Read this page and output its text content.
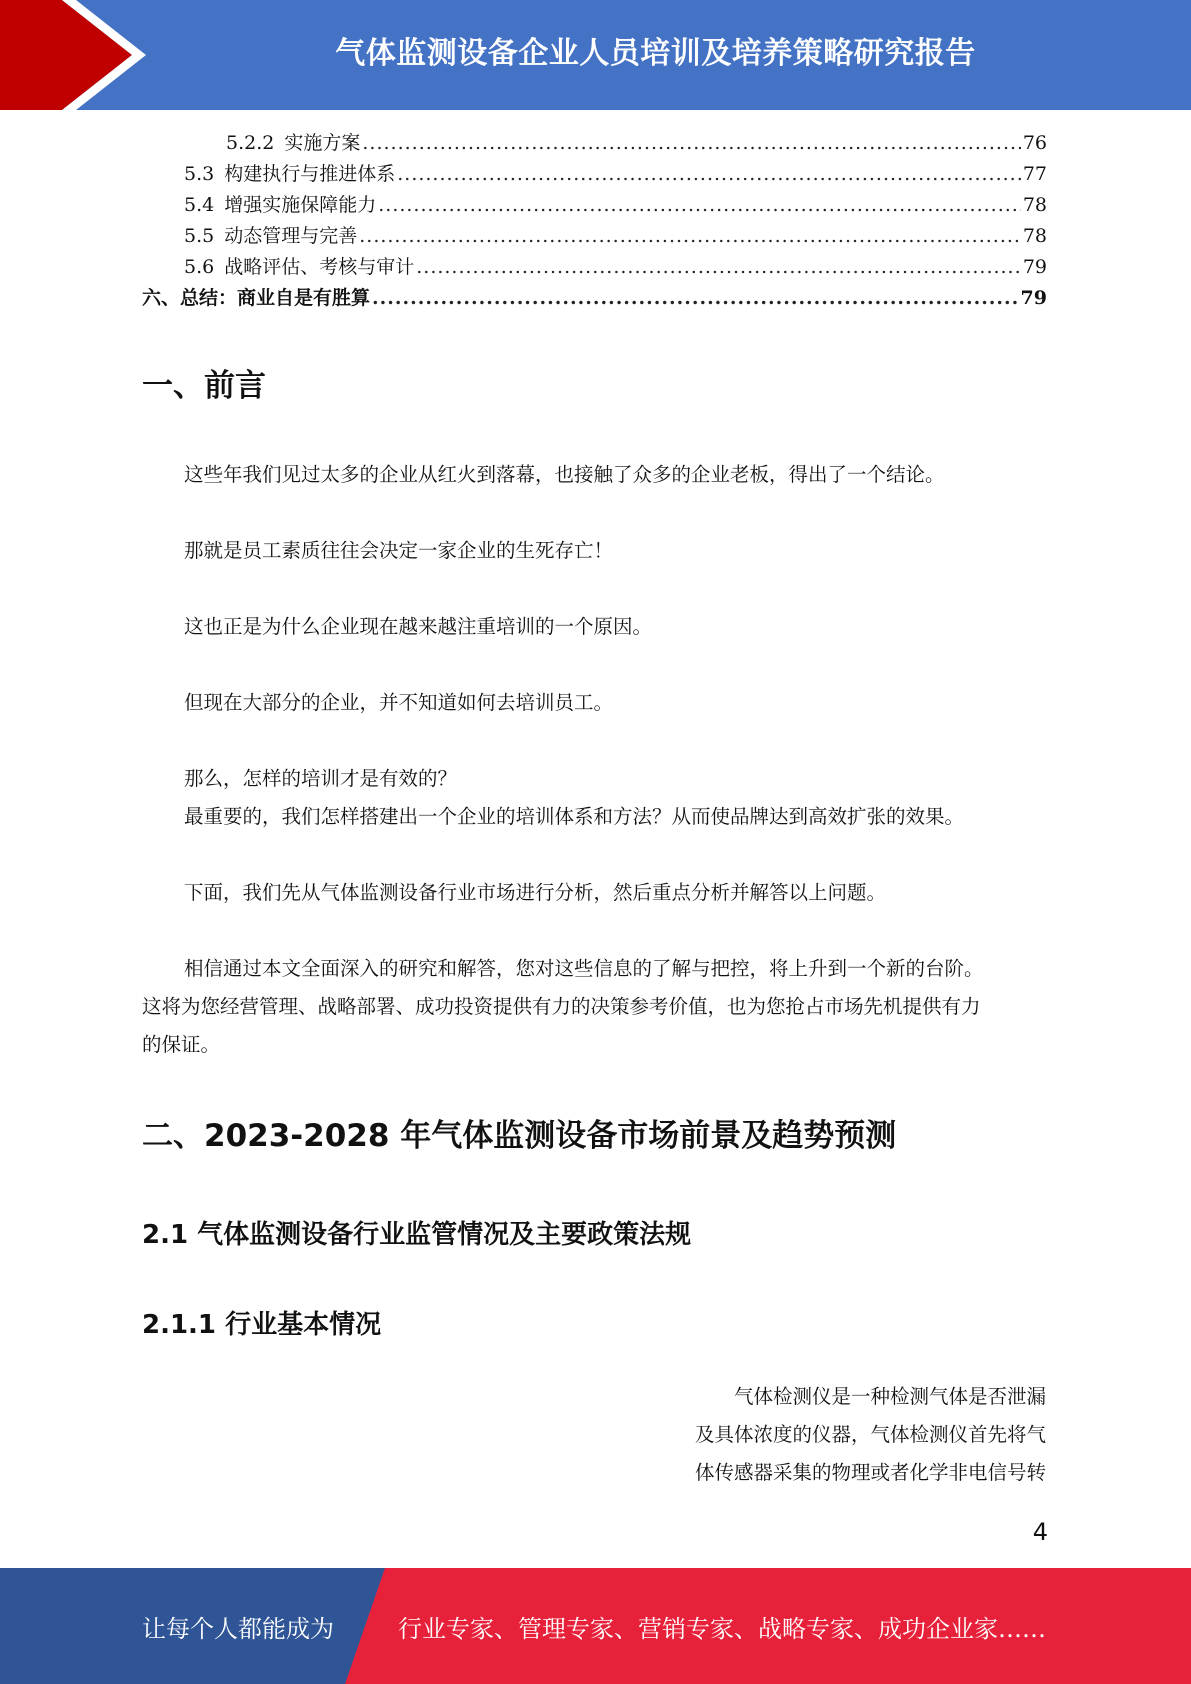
气体监测设备企业人员培训及培养策略研究报告
5.2.2 实施方案 .....	76
5.3 构建执行与推进体系 .....	77
5.4 增强实施保障能力 .....	78
5.5 动态管理与完善 .....	78
5.6 战略评估、考核与审计 .....	79
六、总结：商业自是有胜算 .....	79
一、前言
这些年我们见过太多的企业从红火到落幕，也接触了众多的企业老板，得出了一个结论。
那就是员工素质往往会决定一家企业的生死存亡！
这也正是为什么企业现在越来越注重培训的一个原因。
但现在大部分的企业，并不知道如何去培训员工。
那么，怎样的培训才是有效的？
最重要的，我们怎样搭建出一个企业的培训体系和方法？从而使品牌达到高效扩张的效果。
下面，我们先从气体监测设备行业市场进行分析，然后重点分析并解答以上问题。
相信通过本文全面深入的研究和解答，您对这些信息的了解与把控，将上升到一个新的台阶。
这将为您经营管理、战略部署、成功投资提供有力的决策参考价值，也为您抢占市场先机提供有力
的保证。
二、2023-2028 年气体监测设备市场前景及趋势预测
2.1 气体监测设备行业监管情况及主要政策法规
2.1.1 行业基本情况
气体检测仪是一种检测气体是否泄漏
及具体浓度的仪器，气体检测仪首先将气
体传感器采集的物理或者化学非电信号转
4
让每个人都能成为	行业专家、管理专家、营销专家、战略专家、成功企业家……
